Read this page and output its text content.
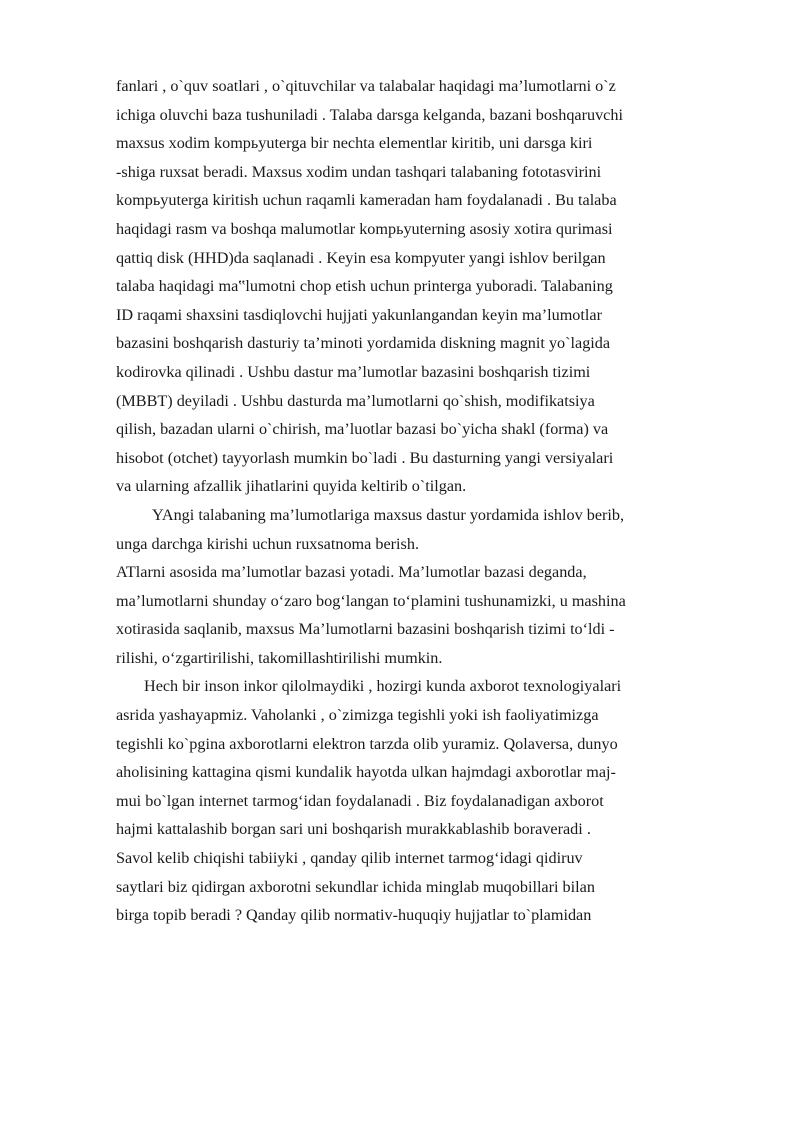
fanlari , o`quv soatlari , o`qituvchilar va talabalar haqidagi ma’lumotlarni o`z
ichiga oluvchi baza tushuniladi . Talaba darsga kelganda, bazani boshqaruvchi
maxsus xodim kompьyuterga bir nechta elementlar kiritib, uni darsga kiri
-shiga ruxsat beradi. Maxsus xodim undan tashqari talabaning fototasvirini
kompьyuterga kiritish uchun raqamli kameradan ham foydalanadi . Bu talaba
haqidagi rasm va boshqa malumotlar kompьyuterning asosiy xotira qurimasi
qattiq disk (HHD)da saqlanadi . Keyin esa kompyuter yangi ishlov berilgan
talaba haqidagi ma‟lumotni chop etish uchun printerga yuboradi. Talabaning
ID raqami shaxsini tasdiqlovchi hujjati yakunlangandan keyin ma’lumotlar
bazasini boshqarish dasturiy ta’minoti yordamida diskning magnit yo`lagida
kodirovka qilinadi . Ushbu dastur ma’lumotlar bazasini boshqarish tizimi
(MBBT) deyiladi . Ushbu dasturda ma’lumotlarni qo`shish, modifikatsiya
qilish, bazadan ularni o`chirish, ma’luotlar bazasi bo`yicha shakl (forma) va
hisobot (otchet) tayyorlash mumkin bo`ladi . Bu dasturning yangi versiyalari
va ularning afzallik jihatlarini quyida keltirib o`tilgan.
YAngi talabaning ma’lumotlariga maxsus dastur yordamida ishlov berib,
unga darchga kirishi uchun ruxsatnoma berish.
ATlarni asosida ma’lumotlar bazasi yotadi. Ma’lumotlar bazasi deganda,
ma’lumotlarni shunday o‘zaro bog‘langan to‘plamini tushunamizki, u mashina
xotirasida saqlanib, maxsus Ma’lumotlarni bazasini boshqarish tizimi to‘ldi -
rilishi, o‘zgartirilishi, takomillashtirilishi mumkin.
Hech bir inson inkor qilolmaydiki , hozirgi kunda axborot texnologiyalari
asrida yashayapmiz. Vaholanki , o`zimizga tegishli yoki ish faoliyatimizga
tegishli ko`pgina axborotlarni elektron tarzda olib yuramiz. Qolaversa, dunyo
aholisining kattagina qismi kundalik hayotda ulkan hajmdagi axborotlar maj-
mui bo`lgan internet tarmog‘idan foydalanadi . Biz foydalanadigan axborot
hajmi kattalashib borgan sari uni boshqarish murakkablashib boraveradi .
Savol kelib chiqishi tabiiyki , qanday qilib internet tarmog‘idagi qidiruv
saytlari biz qidirgan axborotni sekundlar ichida minglab muqobillari bilan
birga topib beradi ? Qanday qilib normativ-huquqiy hujjatlar to`plamidan
